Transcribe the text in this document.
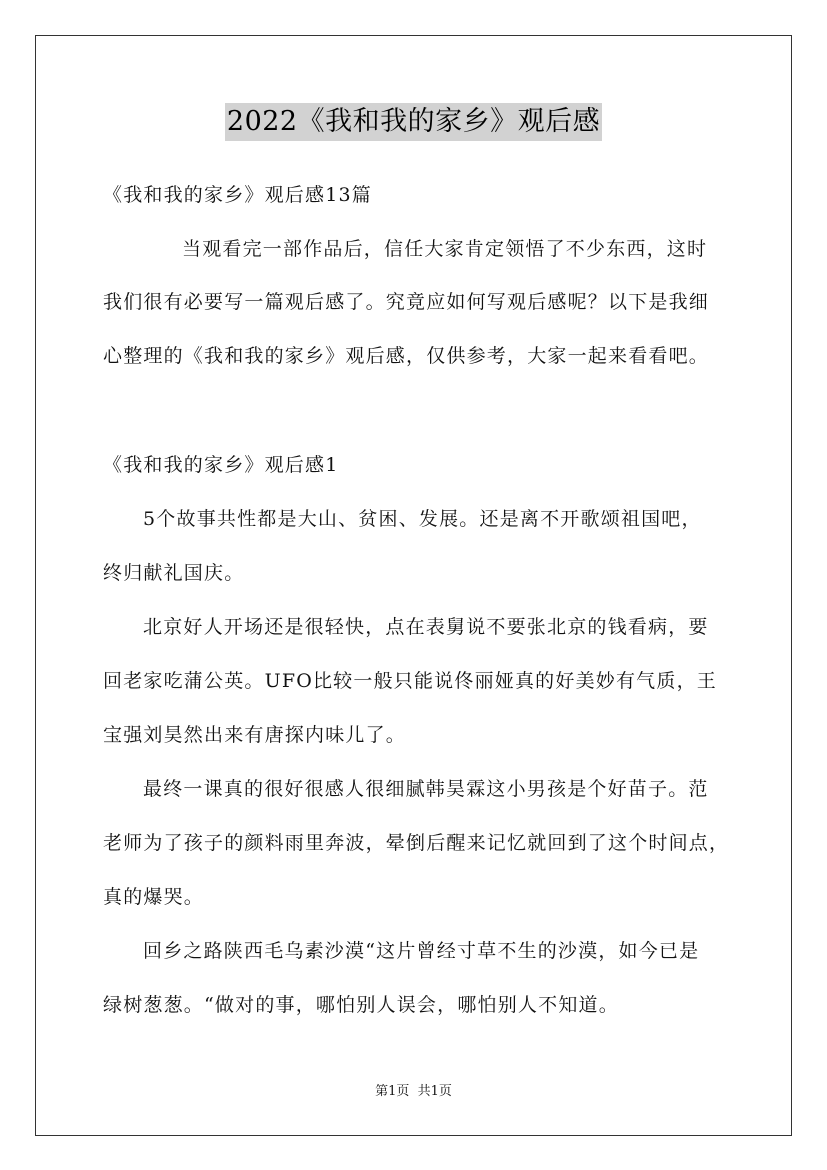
2022《我和我的家乡》观后感
《我和我的家乡》观后感13篇
当观看完一部作品后，信任大家肯定领悟了不少东西，这时
我们很有必要写一篇观后感了。究竟应如何写观后感呢？以下是我细
心整理的《我和我的家乡》观后感，仅供参考，大家一起来看看吧。
《我和我的家乡》观后感1
5个故事共性都是大山、贫困、发展。还是离不开歌颂祖国吧，
终归献礼国庆。
北京好人开场还是很轻快，点在表舅说不要张北京的钱看病，要
回老家吃蒲公英。UFO比较一般只能说佟丽娅真的好美妙有气质，王
宝强刘昊然出来有唐探内味儿了。
最终一课真的很好很感人很细腻韩昊霖这小男孩是个好苗子。范
老师为了孩子的颜料雨里奔波，晕倒后醒来记忆就回到了这个时间点，
真的爆哭。
回乡之路陕西毛乌素沙漠“这片曾经寸草不生的沙漠，如今已是
绿树葱葱。“做对的事，哪怕别人误会，哪怕别人不知道。
第1页 共1页
